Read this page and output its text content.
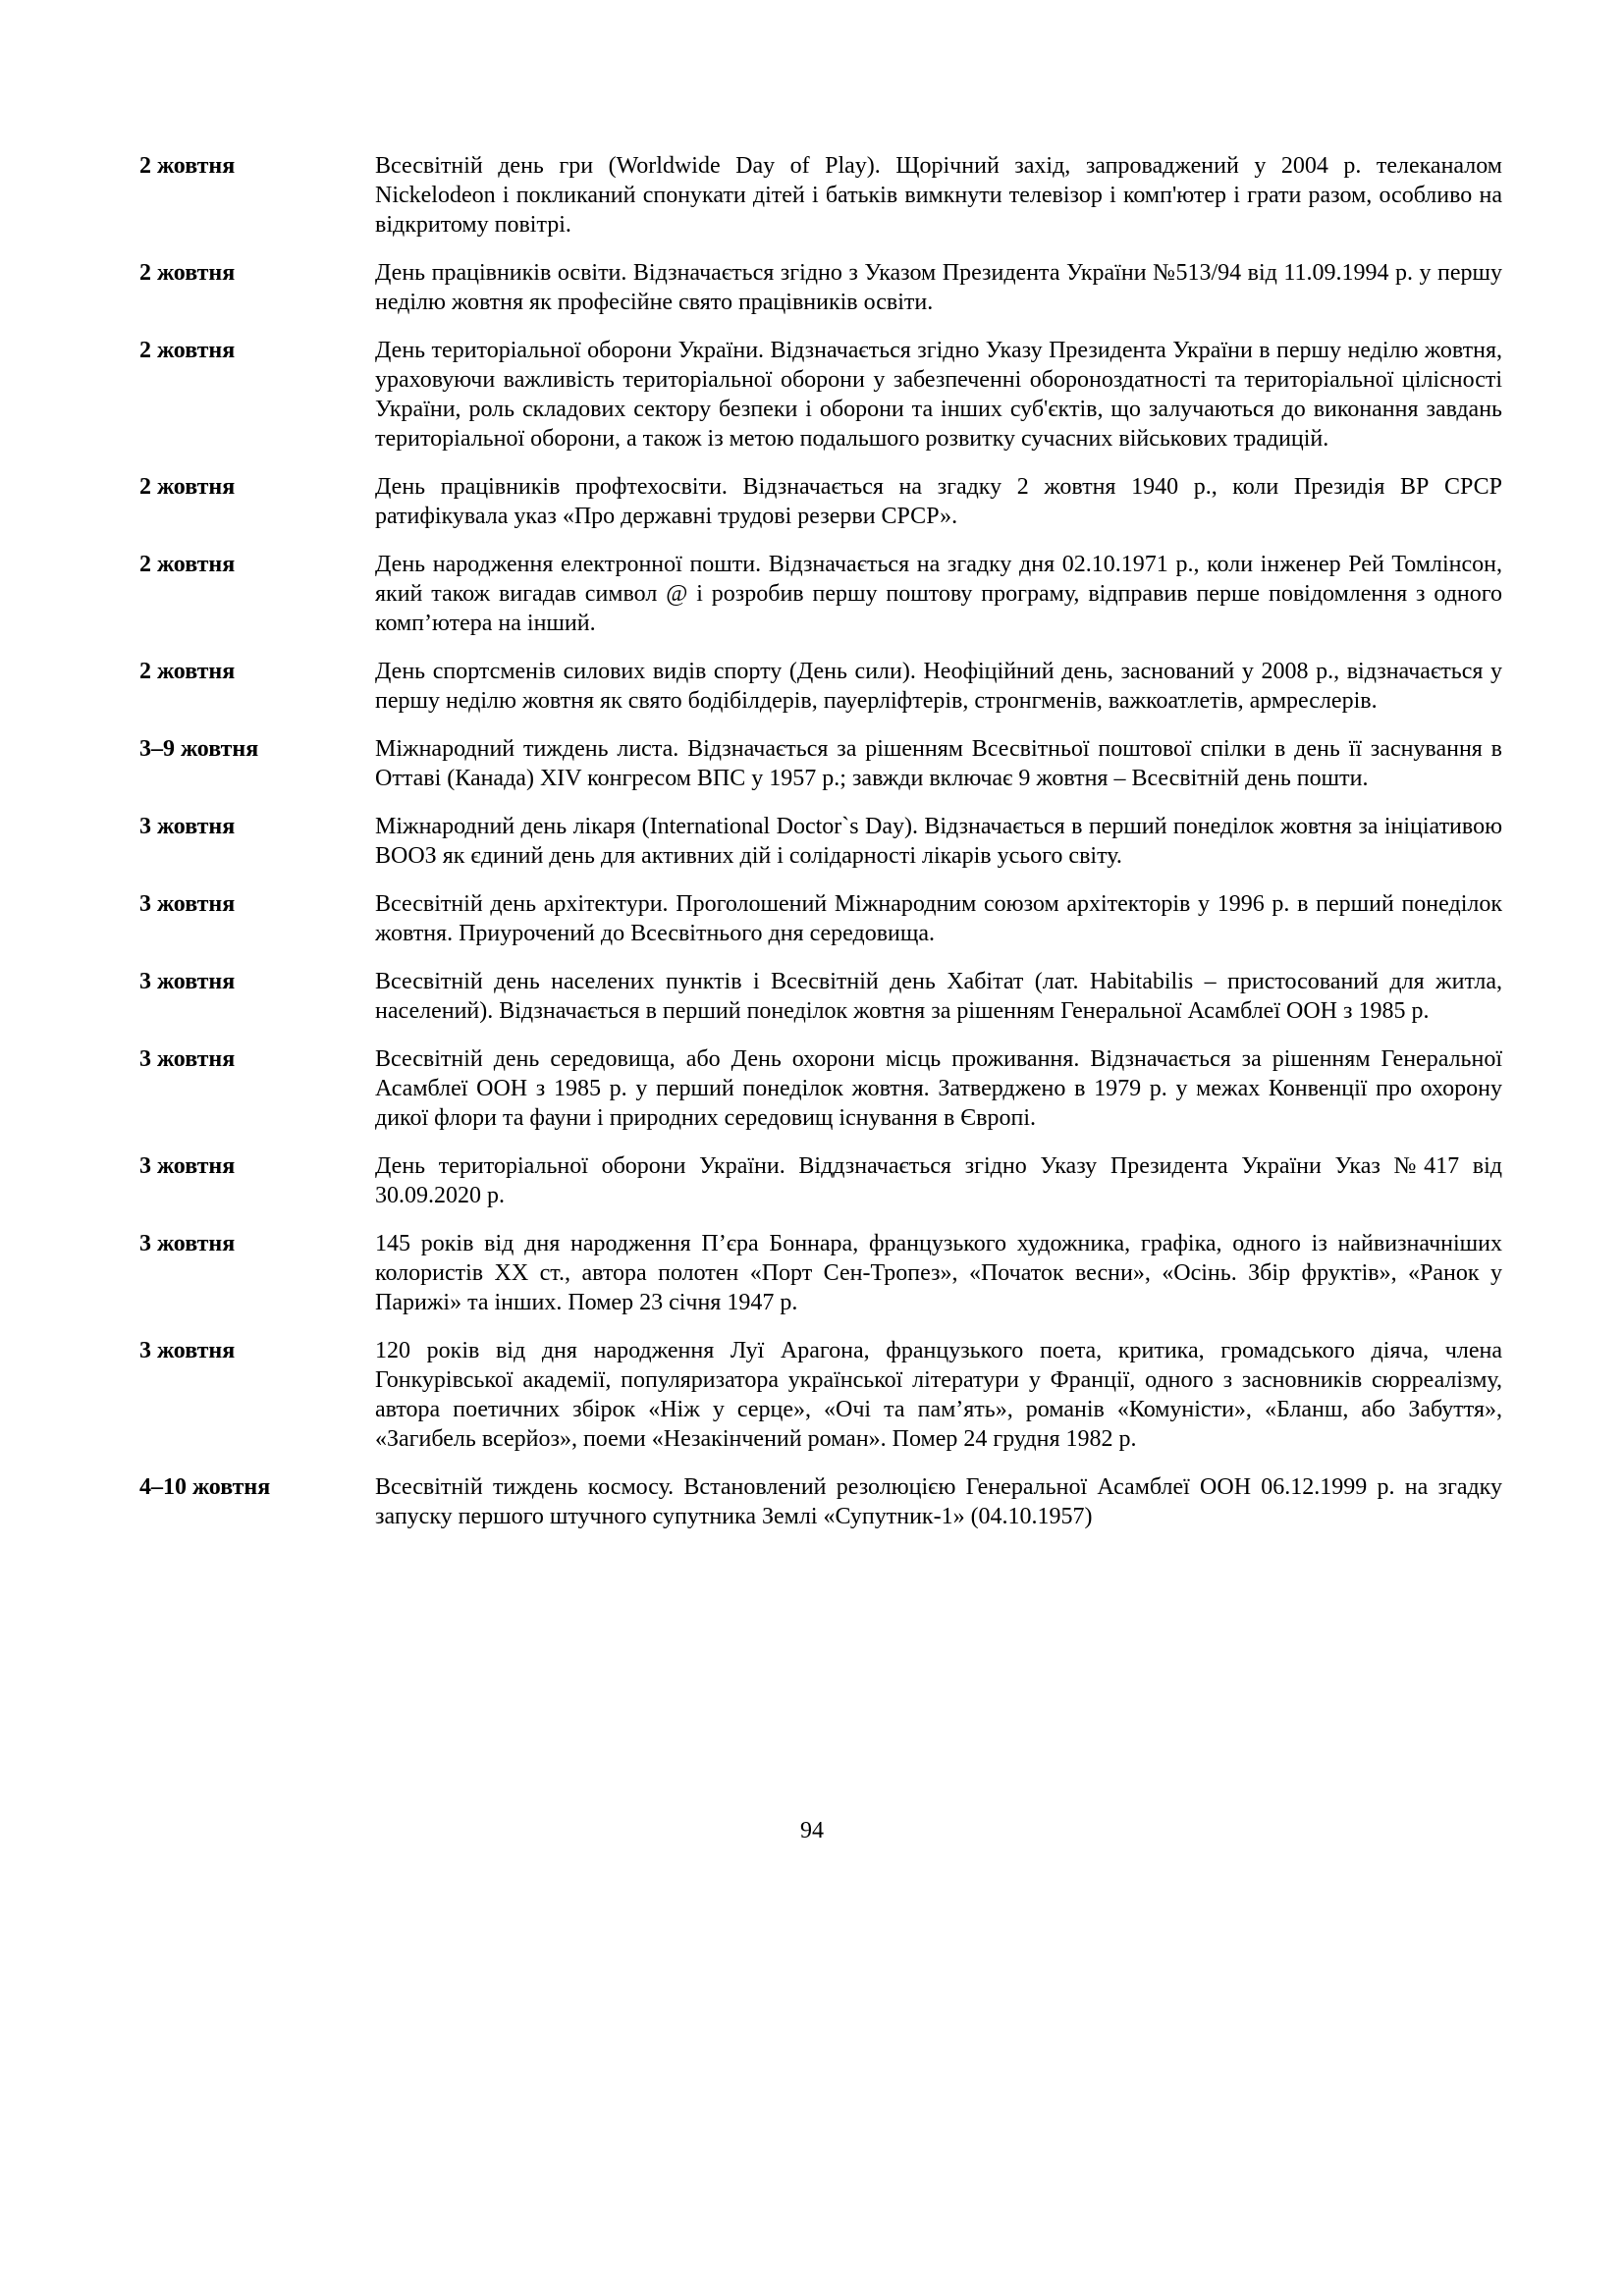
2 жовтня	Всесвітній день гри (Worldwide Day of Play). Щорічний захід, запроваджений у 2004 р. телеканалом Nickelodeon і покликаний спонукати дітей і батьків вимкнути телевізор і комп'ютер і грати разом, особливо на відкритому повітрі.
2 жовтня	День працівників освіти. Відзначається згідно з Указом Президента України №513/94 від 11.09.1994 р. у першу неділю жовтня як професійне свято працівників освіти.
2 жовтня	День територіальної оборони України. Відзначається згідно Указу Президента України в першу неділю жовтня, ураховуючи важливість територіальної оборони у забезпеченні обороноздатності та територіальної цілісності України, роль складових сектору безпеки і оборони та інших суб'єктів, що залучаються до виконання завдань територіальної оборони, а також із метою подальшого розвитку сучасних військових традицій.
2 жовтня	День працівників профтехосвіти. Відзначається на згадку 2 жовтня 1940 р., коли Президія ВР СРСР ратифікувала указ «Про державні трудові резерви СРСР».
2 жовтня	День народження електронної пошти. Відзначається на згадку дня 02.10.1971 р., коли інженер Рей Томлінсон, який також вигадав символ @ і розробив першу поштову програму, відправив перше повідомлення з одного комп’ютера на інший.
2 жовтня	День спортсменів силових видів спорту (День сили). Неофіційний день, заснований у 2008 р., відзначається у першу неділю жовтня як свято бодібілдерів, пауерліфтерів, стронгменів, важкоатлетів, армреслерів.
3–9 жовтня	Міжнародний тиждень листа. Відзначається за рішенням Всесвітньої поштової спілки в день її заснування в Оттаві (Канада) XIV конгресом ВПС у 1957 р.; завжди включає 9 жовтня – Всесвітній день пошти.
3 жовтня	Міжнародний день лікаря (International Doctor`s Day). Відзначається в перший понеділок жовтня за ініціативою ВООЗ як єдиний день для активних дій і солідарності лікарів усього світу.
3 жовтня	Всесвітній день архітектури. Проголошений Міжнародним союзом архітекторів у 1996 р. в перший понеділок жовтня. Приурочений до Всесвітнього дня середовища.
3 жовтня	Всесвітній день населених пунктів і Всесвітній день Хабітат (лат. Habitabilis – пристосований для житла, населений). Відзначається в перший понеділок жовтня за рішенням Генеральної Асамблеї ООН з 1985 р.
3 жовтня	Всесвітній день середовища, або День охорони місць проживання. Відзначається за рішенням Генеральної Асамблеї ООН з 1985 р. у перший понеділок жовтня. Затверджено в 1979 р. у межах Конвенції про охорону дикої флори та фауни і природних середовищ існування в Європі.
3 жовтня	День територіальної оборони України. Віддзначається згідно Указу Президента України Указ №417 від 30.09.2020 р.
3 жовтня	145 років від дня народження П’єра Боннара, французького художника, графіка, одного із найвизначніших колористів XX ст., автора полотен «Порт Сен-Тропез», «Початок весни», «Осінь. Збір фруктів», «Ранок у Парижі» та інших. Помер 23 січня 1947 р.
3 жовтня	120 років від дня народження Луї Арагона, французького поета, критика, громадського діяча, члена Гонкурівської академії, популяризатора української літератури у Франції, одного з засновників сюрреалізму, автора поетичних збірок «Ніж у серце», «Очі та пам’ять», романів «Комуністи», «Бланш, або Забуття», «Загибель всерйоз», поеми «Незакінчений роман». Помер 24 грудня 1982 р.
4–10 жовтня	Всесвітній тиждень космосу. Встановлений резолюцією Генеральної Асамблеї ООН 06.12.1999 р. на згадку запуску першого штучного супутника Землі «Супутник-1» (04.10.1957)
94
